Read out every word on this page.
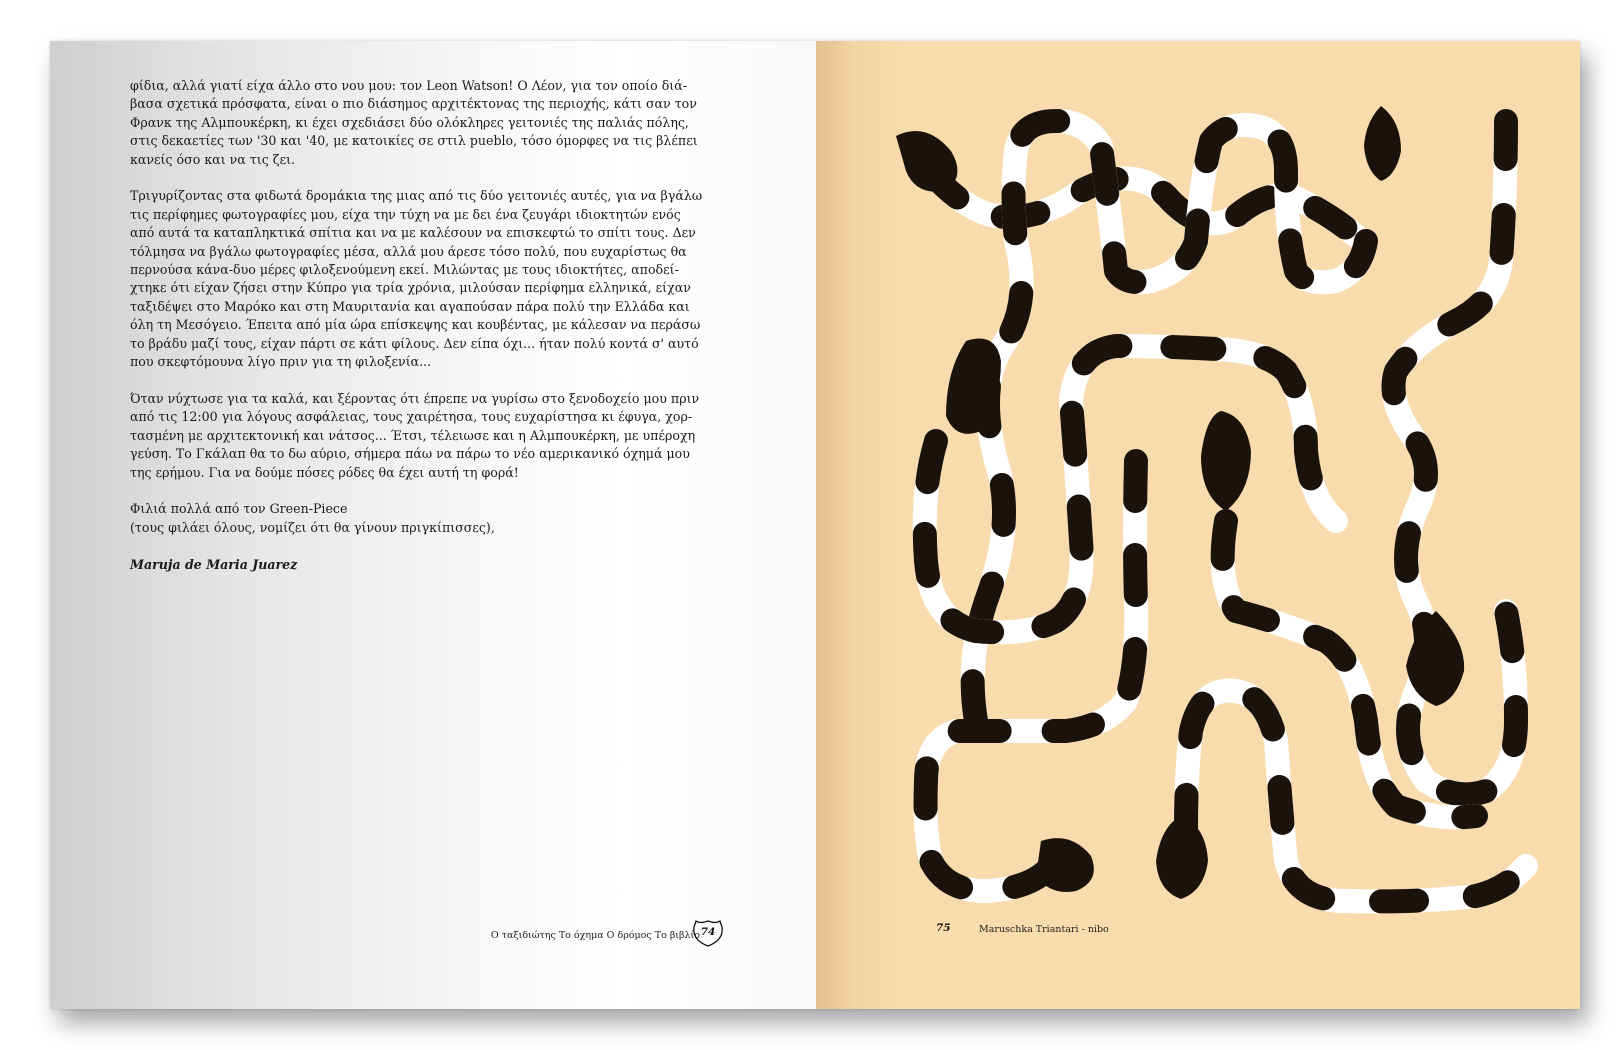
φίδια, αλλά γιατί είχα άλλο στο νου μου: τον Leon Watson! Ο Λέον, για τον οποίο διά-
βασα σχετικά πρόσφατα, είναι ο πιο διάσημος αρχιτέκτονας της περιοχής, κάτι σαν τον
Φρανκ της Αλμπουκέρκη, κι έχει σχεδιάσει δύο ολόκληρες γειτονιές της παλιάς πόλης,
στις δεκαετίες των '30 και '40, με κατοικίες σε στιλ pueblo, τόσο όμορφες να τις βλέπει
κανείς όσο και να τις ζει.

Τριγυρίζοντας στα φιδωτά δρομάκια της μιας από τις δύο γειτονιές αυτές, για να βγάλω
τις περίφημες φωτογραφίες μου, είχα την τύχη να με δει ένα ζευγάρι ιδιοκτητών ενός
από αυτά τα καταπληκτικά σπίτια και να με καλέσουν να επισκεφτώ το σπίτι τους. Δεν
τόλμησα να βγάλω φωτογραφίες μέσα, αλλά μου άρεσε τόσο πολύ, που ευχαρίστως θα
περνούσα κάνα-δυο μέρες φιλοξενούμενη εκεί. Μιλώντας με τους ιδιοκτήτες, αποδεί-
χτηκε ότι είχαν ζήσει στην Κύπρο για τρία χρόνια, μιλούσαν περίφημα ελληνικά, είχαν
ταξιδέψει στο Μαρόκο και στη Μαυριτανία και αγαπούσαν πάρα πολύ την Ελλάδα και
όλη τη Μεσόγειο. Έπειτα από μία ώρα επίσκεψης και κουβέντας, με κάλεσαν να περάσω
το βράδυ μαζί τους, είχαν πάρτι σε κάτι φίλους. Δεν είπα όχι... ήταν πολύ κοντά σ' αυτό
που σκεφτόμουνα λίγο πριν για τη φιλοξενία...

Όταν νύχτωσε για τα καλά, και ξέροντας ότι έπρεπε να γυρίσω στο ξενοδοχείο μου πριν
από τις 12:00 για λόγους ασφάλειας, τους χαιρέτησα, τους ευχαρίστησα κι έφυγα, χορ-
τασμένη με αρχιτεκτονική και νάτσος... Έτσι, τέλειωσε και η Αλμπουκέρκη, με υπέροχη
γεύση. Το Γκάλαπ θα το δω αύριο, σήμερα πάω να πάρω το νέο αμερικανικό όχημά μου
της ερήμου. Για να δούμε πόσες ρόδες θα έχει αυτή τη φορά!

Φιλιά πολλά από τον Green-Piece
(τους φιλάει όλους, νομίζει ότι θα γίνουν πριγκίπισσες),

Maruja de Maria Juarez

Ο ταξιδιώτης Το όχημα Ο δρόμος Το βιβλίο 74	75	Maruschka Triantari - nibo
